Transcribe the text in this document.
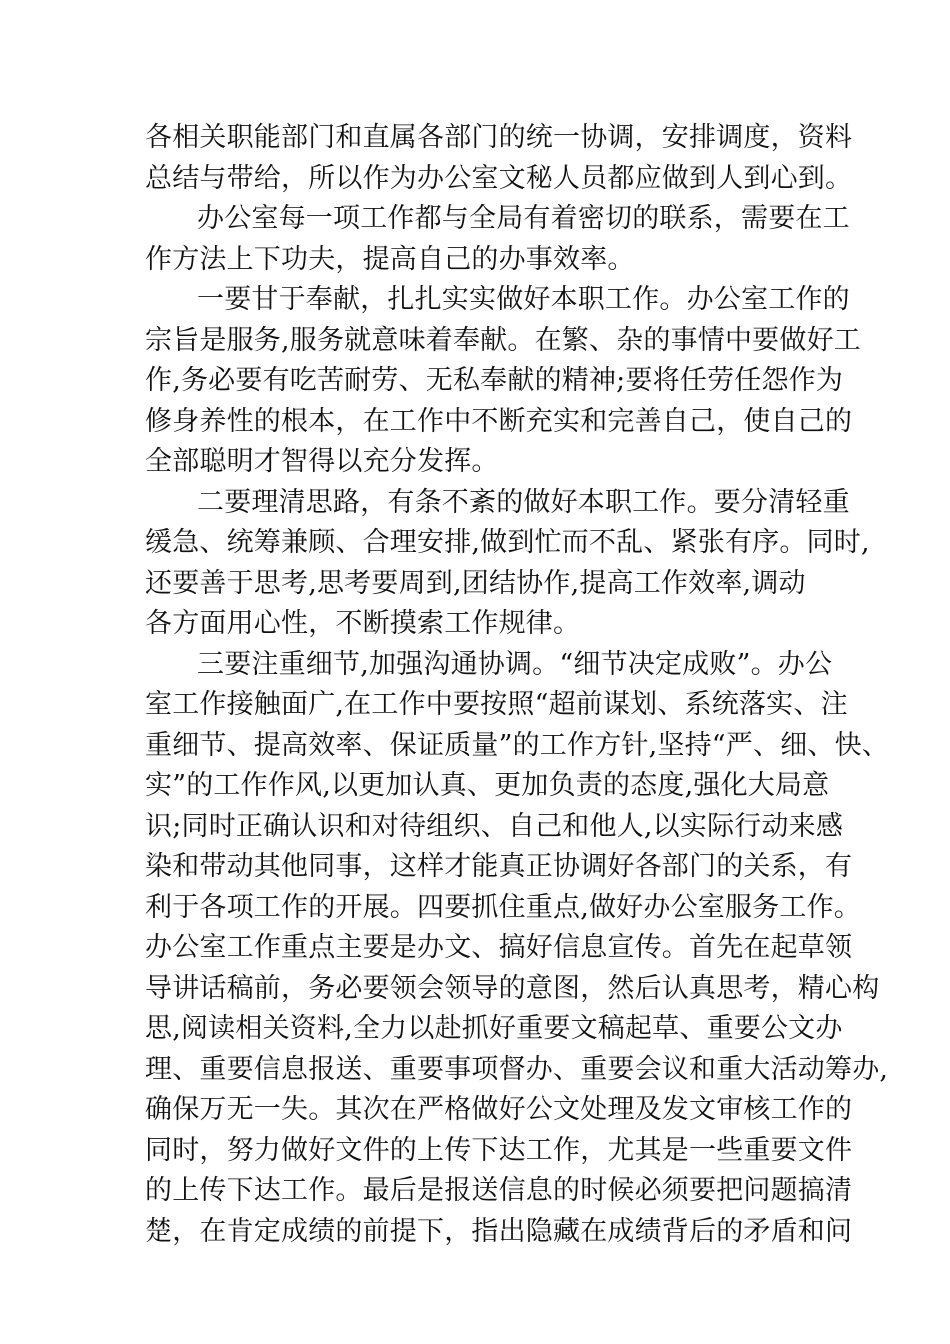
各相关职能部门和直属各部门的统一协调，安排调度，资料
总结与带给，所以作为办公室文秘人员都应做到人到心到。
办公室每一项工作都与全局有着密切的联系，需要在工
作方法上下功夫，提高自己的办事效率。
一要甘于奉献，扎扎实实做好本职工作。办公室工作的
宗旨是服务,服务就意味着奉献。在繁、杂的事情中要做好工
作,务必要有吃苦耐劳、无私奉献的精神;要将任劳任怨作为
修身养性的根本，在工作中不断充实和完善自己，使自己的
全部聪明才智得以充分发挥。
二要理清思路，有条不紊的做好本职工作。要分清轻重
缓急、统筹兼顾、合理安排,做到忙而不乱、紧张有序。同时,
还要善于思考,思考要周到,团结协作,提高工作效率,调动
各方面用心性，不断摸索工作规律。
三要注重细节,加强沟通协调。“细节决定成败”。办公
室工作接触面广,在工作中要按照“超前谋划、系统落实、注
重细节、提高效率、保证质量”的工作方针,坚持“严、细、快、
实”的工作作风,以更加认真、更加负责的态度,强化大局意
识;同时正确认识和对待组织、自己和他人,以实际行动来感
染和带动其他同事，这样才能真正协调好各部门的关系，有
利于各项工作的开展。四要抓住重点,做好办公室服务工作。
办公室工作重点主要是办文、搞好信息宣传。首先在起草领
导讲话稿前，务必要领会领导的意图，然后认真思考，精心构
思,阅读相关资料,全力以赴抓好重要文稿起草、重要公文办
理、重要信息报送、重要事项督办、重要会议和重大活动筹办,
确保万无一失。其次在严格做好公文处理及发文审核工作的
同时，努力做好文件的上传下达工作，尤其是一些重要文件
的上传下达工作。最后是报送信息的时候必须要把问题搞清
楚，在肯定成绩的前提下，指出隐藏在成绩背后的矛盾和问
